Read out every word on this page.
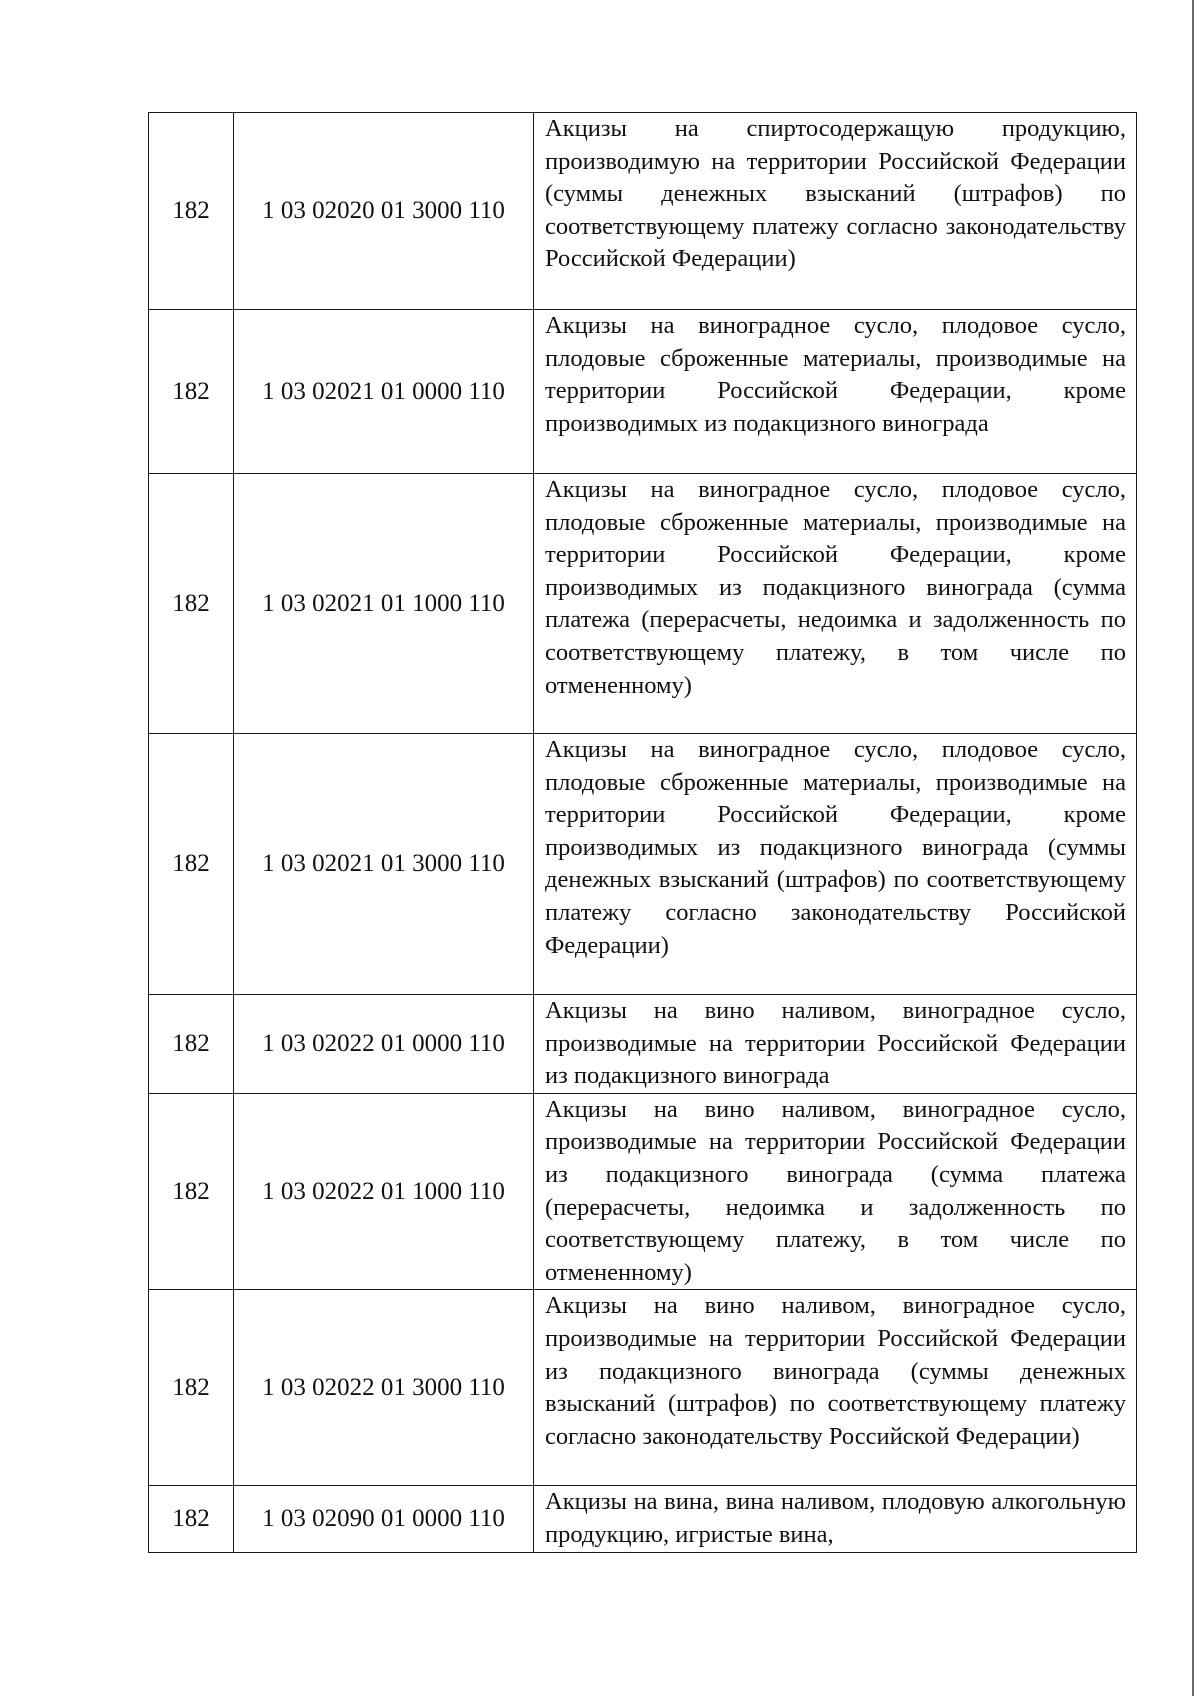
182	1 03 02020 01 3000 110	Акцизы на спиртосодержащую продукцию, производимую на территории Российской Федерации (суммы денежных взысканий (штрафов) по соответствующему платежу согласно законодательству Российской Федерации)
182	1 03 02021 01 0000 110	Акцизы на виноградное сусло, плодовое сусло, плодовые сброженные материалы, производимые на территории Российской Федерации, кроме производимых из подакцизного винограда
182	1 03 02021 01 1000 110	Акцизы на виноградное сусло, плодовое сусло, плодовые сброженные материалы, производимые на территории Российской Федерации, кроме производимых из подакцизного винограда (сумма платежа (перерасчеты, недоимка и задолженность по соответствующему платежу, в том числе по отмененному)
182	1 03 02021 01 3000 110	Акцизы на виноградное сусло, плодовое сусло, плодовые сброженные материалы, производимые на территории Российской Федерации, кроме производимых из подакцизного винограда (суммы денежных взысканий (штрафов) по соответствующему платежу согласно законодательству Российской Федерации)
182	1 03 02022 01 0000 110	Акцизы на вино наливом, виноградное сусло, производимые на территории Российской Федерации из подакцизного винограда
182	1 03 02022 01 1000 110	Акцизы на вино наливом, виноградное сусло, производимые на территории Российской Федерации из подакцизного винограда (сумма платежа (перерасчеты, недоимка и задолженность по соответствующему платежу, в том числе по отмененному)
182	1 03 02022 01 3000 110	Акцизы на вино наливом, виноградное сусло, производимые на территории Российской Федерации из подакцизного винограда (суммы денежных взысканий (штрафов) по соответствующему платежу согласно законодательству Российской Федерации)
182	1 03 02090 01 0000 110	Акцизы на вина, вина наливом, плодовую алкогольную продукцию, игристые вина,
